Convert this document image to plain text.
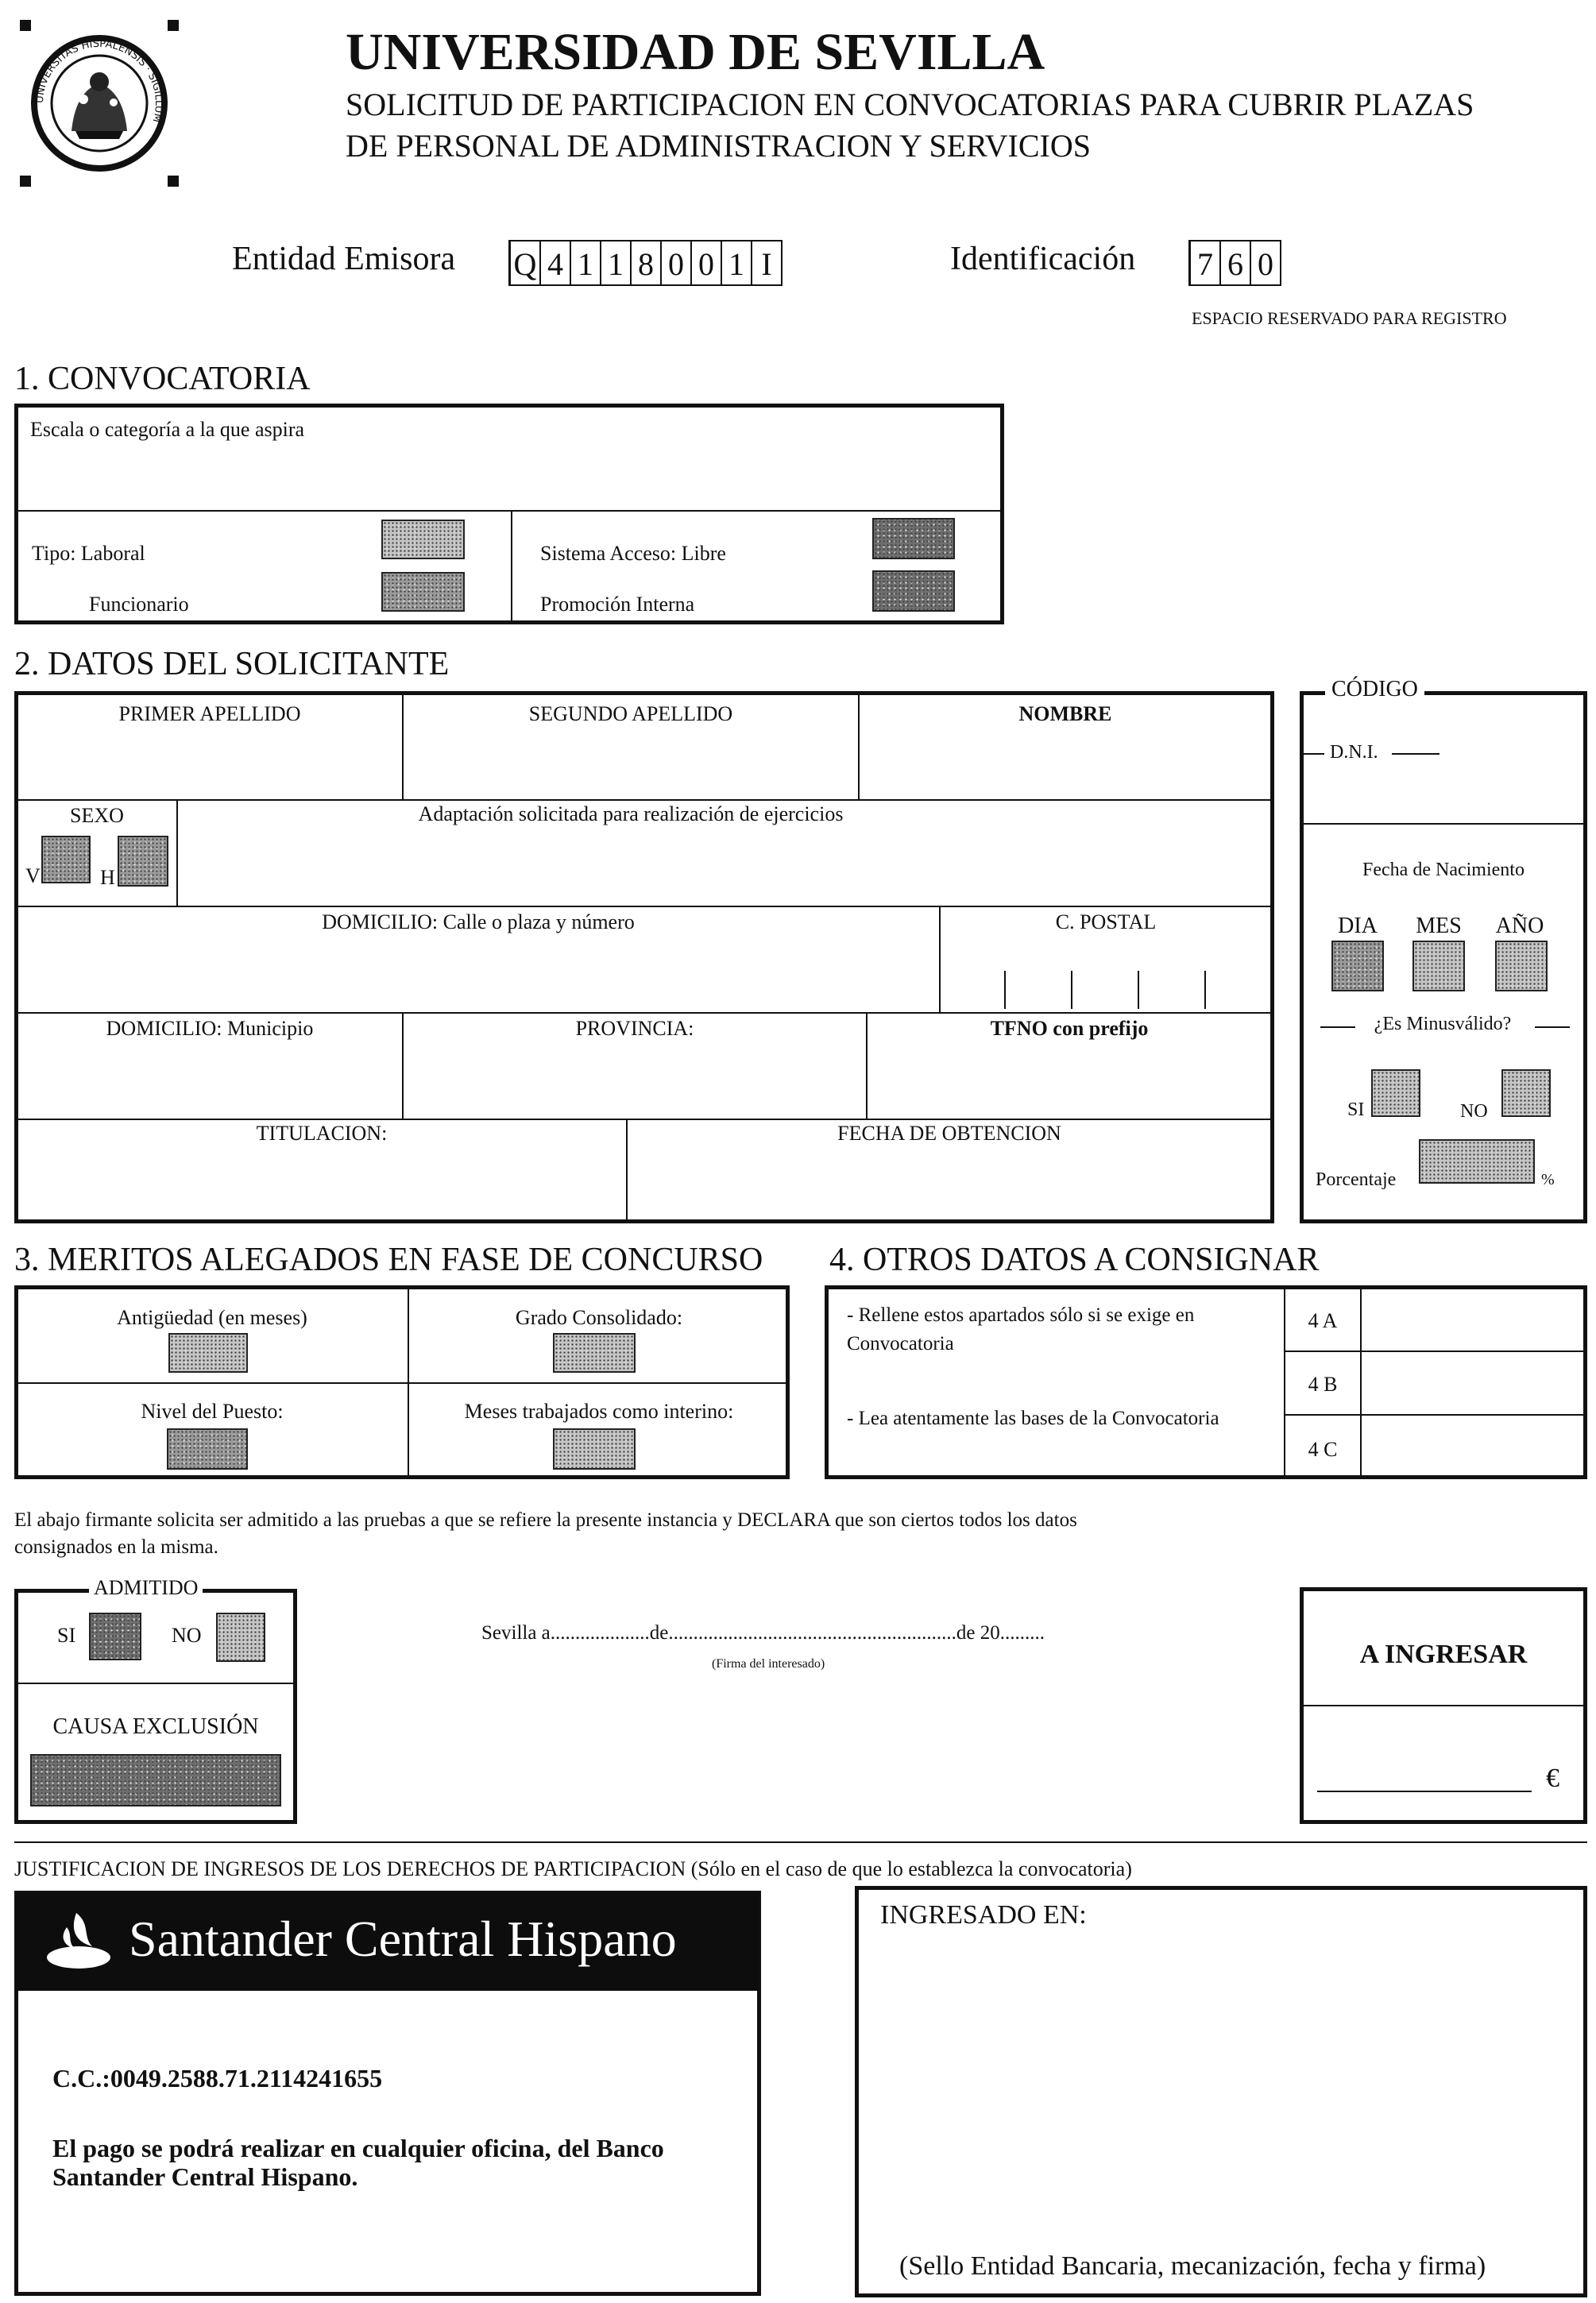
UNIVERSITAS HISPALENSIS · SIGILLUM
UNIVERSIDAD DE SEVILLA
SOLICITUD DE PARTICIPACION EN CONVOCATORIAS PARA CUBRIR PLAZAS
DE PERSONAL DE ADMINISTRACION Y SERVICIOS
Entidad Emisora Q 4 1 1 8 0 0 1 I	Identificación 7 6 0
ESPACIO RESERVADO PARA REGISTRO
1. CONVOCATORIA
Escala o categoría a la que aspira
Tipo: Laboral
Funcionario
Sistema Acceso: Libre
Promoción Interna
2. DATOS DEL SOLICITANTE
PRIMER APELLIDO	SEGUNDO APELLIDO	NOMBRE
SEXO
V	H
Adaptación solicitada para realización de ejercicios
DOMICILIO: Calle o plaza y número	C. POSTAL
DOMICILIO: Municipio	PROVINCIA:	TFNO con prefijo
TITULACION:	FECHA DE OBTENCION
CÓDIGO
D.N.I.
Fecha de Nacimiento
DIA	MES	AÑO
¿Es Minusválido?
SI	NO
Porcentaje	%
3. MERITOS ALEGADOS EN FASE DE CONCURSO
Antigüedad (en meses)	Grado Consolidado:
Nivel del Puesto:	Meses trabajados como interino:
4. OTROS DATOS A CONSIGNAR
- Rellene estos apartados sólo si se exige en
Convocatoria
- Lea atentamente las bases de la Convocatoria
4 A
4 B
4 C
El abajo firmante solicita ser admitido a las pruebas a que se refiere la presente instancia y DECLARA que son ciertos todos los datos
consignados en la misma.
ADMITIDO
SI	NO
CAUSA EXCLUSIÓN
Sevilla a....................de..........................................................de 20.........
(Firma del interesado)	A INGRESAR
€
JUSTIFICACION DE INGRESOS DE LOS DERECHOS DE PARTICIPACION (Sólo en el caso de que lo establezca la convocatoria)
Santander Central Hispano
C.C.:0049.2588.71.2114241655
El pago se podrá realizar en cualquier oficina, del Banco
Santander Central Hispano.
INGRESADO EN:
(Sello Entidad Bancaria, mecanización, fecha y firma)
